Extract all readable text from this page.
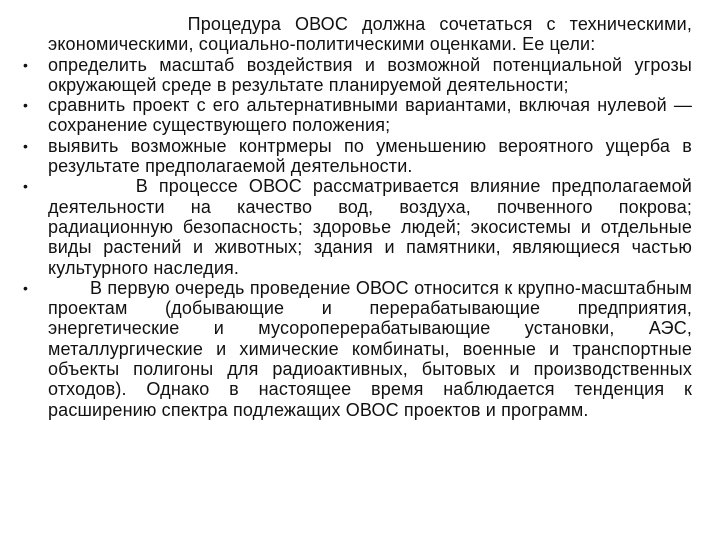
Процедура ОВОС должна сочетаться с техническими, экономическими, социально-политическими оценками. Ее цели:

• определить масштаб воздействия и возможной потенциальной угрозы окружающей среде в результате планируемой деятельности;

• сравнить проект с его альтернативными вариантами, включая нулевой — сохранение существующего положения;

• выявить возможные контрмеры по уменьшению вероятного ущерба в результате предполагаемой деятельности.

• В процессе ОВОС рассматривается влияние предполагаемой деятельности на качество вод, воздуха, почвенного покрова; радиационную безопасность; здоровье людей; экосистемы и отдельные виды растений и животных; здания и памятники, являющиеся частью культурного наследия.

• В первую очередь проведение ОВОС относится к крупно-масштабным проектам (добывающие и перерабатывающие предприятия, энергетические и мусороперерабатывающие установки, АЭС, металлургические и химические комбинаты, военные и транспортные объекты полигоны для радиоактивных, бытовых и производственных отходов). Однако в настоящее время наблюдается тенденция к расширению спектра подлежащих ОВОС проектов и программ.
